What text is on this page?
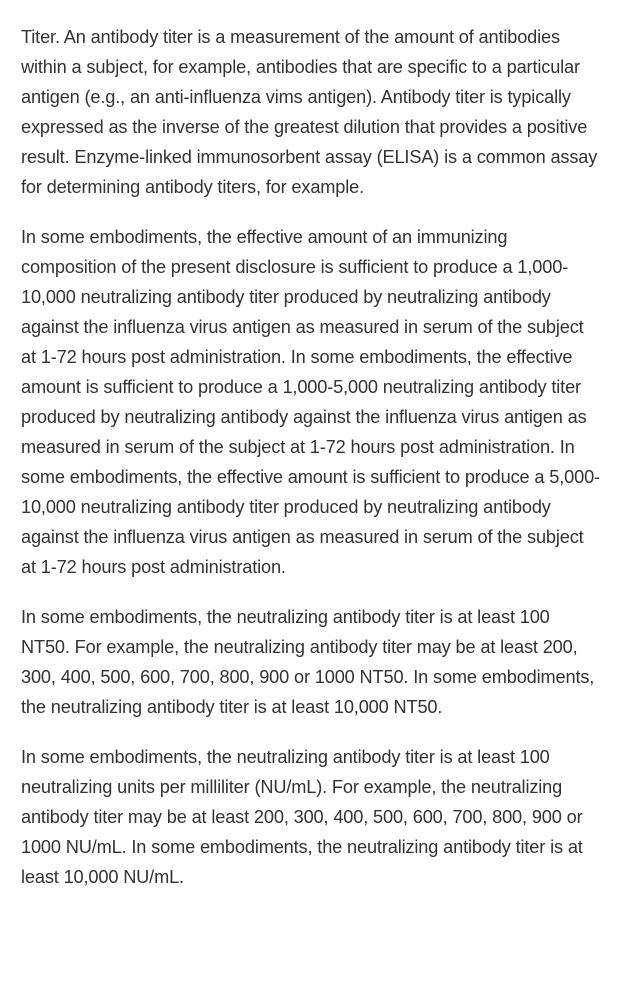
Titer. An antibody titer is a measurement of the amount of antibodies within a subject, for example, antibodies that are specific to a particular antigen (e.g., an anti-influenza vims antigen). Antibody titer is typically expressed as the inverse of the greatest dilution that provides a positive result. Enzyme-linked immunosorbent assay (ELISA) is a common assay for determining antibody titers, for example.

In some embodiments, the effective amount of an immunizing composition of the present disclosure is sufficient to produce a 1,000-10,000 neutralizing antibody titer produced by neutralizing antibody against the influenza virus antigen as measured in serum of the subject at 1-72 hours post administration. In some embodiments, the effective amount is sufficient to produce a 1,000-5,000 neutralizing antibody titer produced by neutralizing antibody against the influenza virus antigen as measured in serum of the subject at 1-72 hours post administration. In some embodiments, the effective amount is sufficient to produce a 5,000-10,000 neutralizing antibody titer produced by neutralizing antibody against the influenza virus antigen as measured in serum of the subject at 1-72 hours post administration.

In some embodiments, the neutralizing antibody titer is at least 100 NT50. For example, the neutralizing antibody titer may be at least 200, 300, 400, 500, 600, 700, 800, 900 or 1000 NT50. In some embodiments, the neutralizing antibody titer is at least 10,000 NT50.

In some embodiments, the neutralizing antibody titer is at least 100 neutralizing units per milliliter (NU/mL). For example, the neutralizing antibody titer may be at least 200, 300, 400, 500, 600, 700, 800, 900 or 1000 NU/mL. In some embodiments, the neutralizing antibody titer is at least 10,000 NU/mL.
